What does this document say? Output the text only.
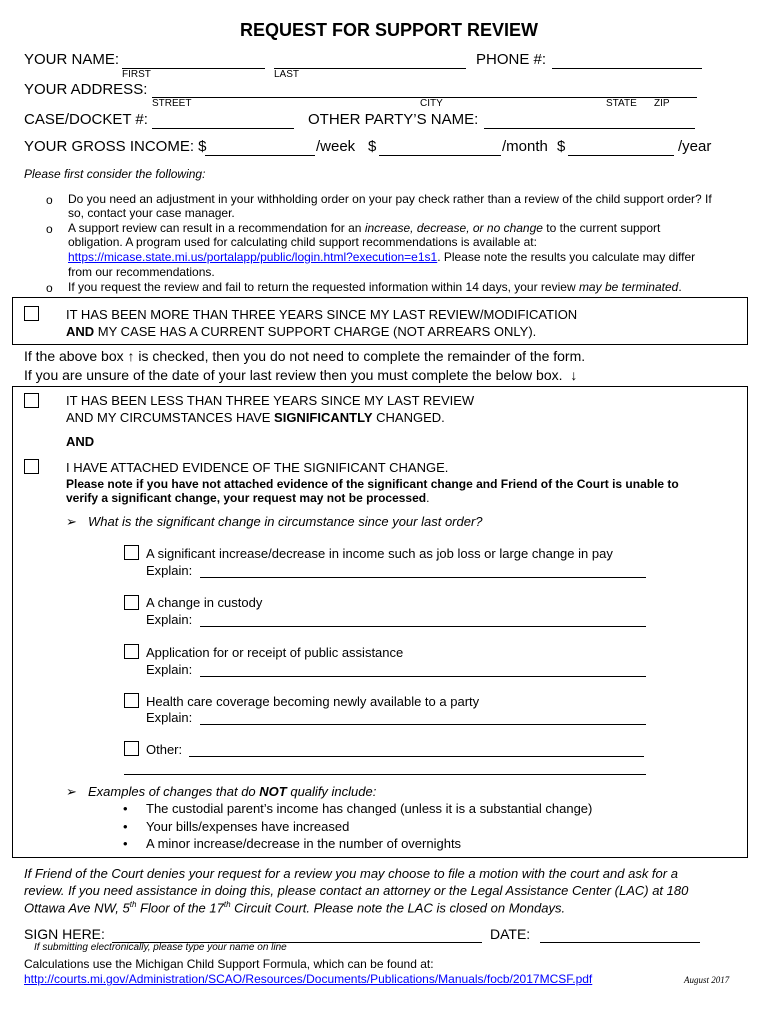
REQUEST FOR SUPPORT REVIEW
YOUR NAME:
FIRST	LAST
PHONE #:
YOUR ADDRESS:
STREET	CITY	STATE ZIP
CASE/DOCKET #:	OTHER PARTY’S NAME:
YOUR GROSS INCOME: $	/week $	/month $	/year
Please first consider the following:
o Do you need an adjustment in your withholding order on your pay check rather than a review of the child support order? If
so, contact your case manager.
o A support review can result in a recommendation for an increase, decrease, or no change to the current support
obligation. A program used for calculating child support recommendations is available at:
https://micase.state.mi.us/portalapp/public/login.html?execution=e1s1. Please note the results you calculate may differ
from our recommendations.
o If you request the review and fail to return the requested information within 14 days, your review may be terminated.
IT HAS BEEN MORE THAN THREE YEARS SINCE MY LAST REVIEW/MODIFICATION
AND MY CASE HAS A CURRENT SUPPORT CHARGE (NOT ARREARS ONLY).
If the above box ↑ is checked, then you do not need to complete the remainder of the form.
If you are unsure of the date of your last review then you must complete the below box. ↓
IT HAS BEEN LESS THAN THREE YEARS SINCE MY LAST REVIEW
AND MY CIRCUMSTANCES HAVE SIGNIFICANTLY CHANGED.
AND
I HAVE ATTACHED EVIDENCE OF THE SIGNIFICANT CHANGE.
Please note if you have not attached evidence of the significant change and Friend of the Court is unable to
verify a significant change, your request may not be processed.
➢ What is the significant change in circumstance since your last order?
A significant increase/decrease in income such as job loss or large change in pay
Explain:
A change in custody
Explain:
Application for or receipt of public assistance
Explain:
Health care coverage becoming newly available to a party
Explain:
Other:
➢ Examples of changes that do NOT qualify include:
• The custodial parent’s income has changed (unless it is a substantial change)
• Your bills/expenses have increased
• A minor increase/decrease in the number of overnights
If Friend of the Court denies your request for a review you may choose to file a motion with the court and ask for a
review. If you need assistance in doing this, please contact an attorney or the Legal Assistance Center (LAC) at 180
Ottawa Ave NW, 5th Floor of the 17th Circuit Court. Please note the LAC is closed on Mondays.
SIGN HERE:	DATE:
If submitting electronically, please type your name on line
Calculations use the Michigan Child Support Formula, which can be found at:
http://courts.mi.gov/Administration/SCAO/Resources/Documents/Publications/Manuals/focb/2017MCSF.pdf	August 2017
